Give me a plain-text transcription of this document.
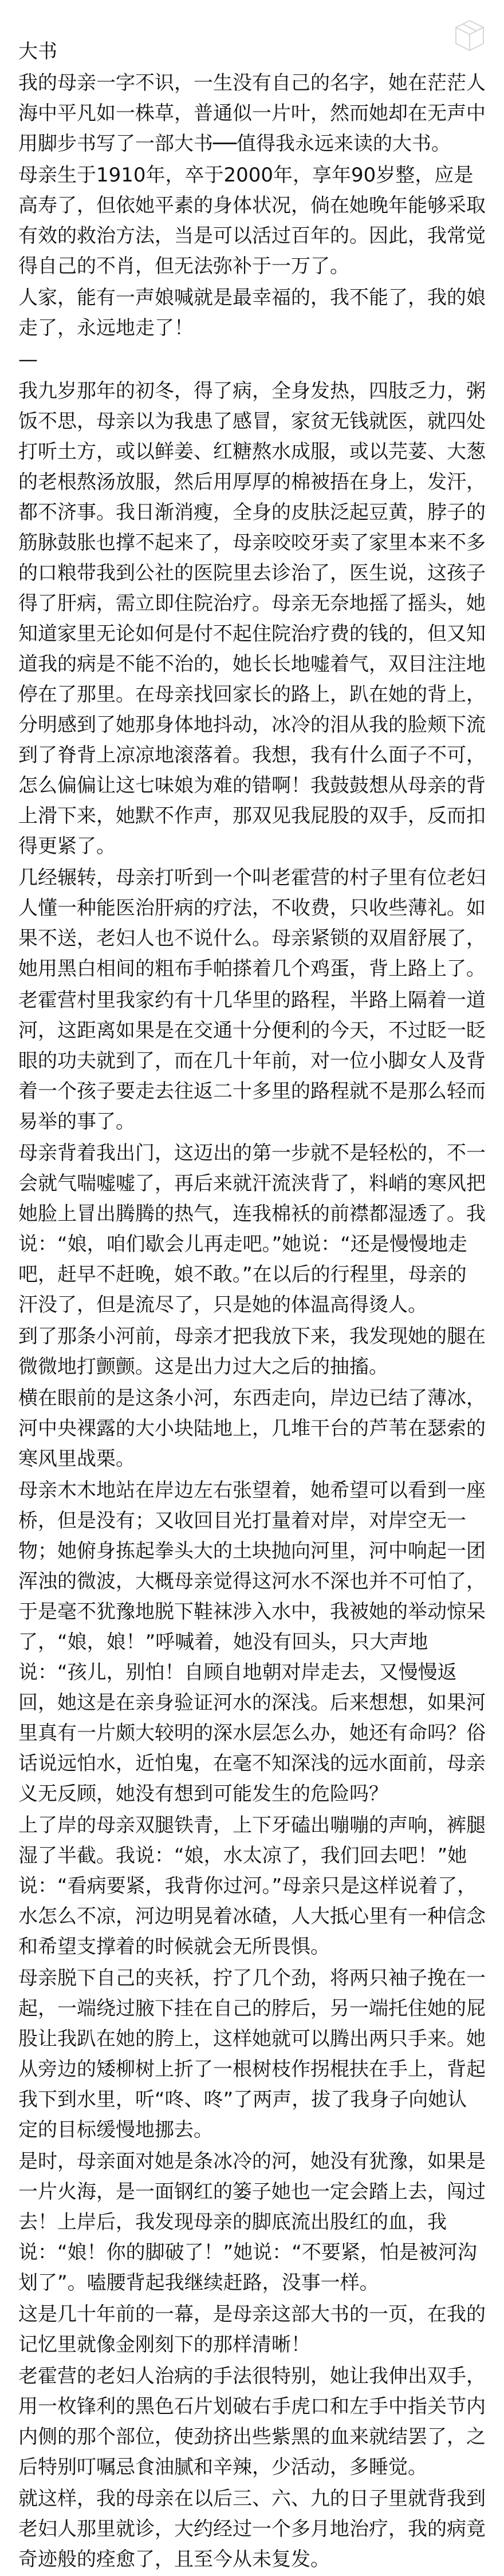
大书

我的母亲一字不识，一生没有自己的名字，她在茫茫人海中平凡如一株草，普通似一片叶，然而她却在无声中用脚步书写了一部大书──值得我永远来读的大书。

母亲生于1910年，卒于2000年，享年90岁整，应是高寿了，但依她平素的身体状况，倘在她晚年能够采取有效的救治方法，当是可以活过百年的。因此，我常觉得自己的不肖，但无法弥补于一万了。

人家，能有一声娘喊就是最幸福的，我不能了，我的娘走了，永远地走了！

—

我九岁那年的初冬，得了病，全身发热，四肢乏力，粥饭不思，母亲以为我患了感冒，家贫无钱就医，就四处打听土方，或以鲜姜、红糖熬水成服，或以芫荽、大葱的老根熬汤放服，然后用厚厚的棉被捂在身上，发汗，都不济事。我日渐消瘦，全身的皮肤泛起豆黄，脖子的筋脉鼓胀也撑不起来了，母亲咬咬牙卖了家里本来不多的口粮带我到公社的医院里去诊治了，医生说，这孩子得了肝病，需立即住院治疗。母亲无奈地摇了摇头，她知道家里无论如何是付不起住院治疗费的钱的，但又知道我的病是不能不治的，她长长地嘘着气，双目注注地停在了那里。在母亲找回家长的路上，趴在她的背上，分明感到了她那身体地抖动，冰冷的泪从我的脸颊下流到了脊背上凉凉地滚落着。我想，我有什么面子不可，怎么偏偏让这七味娘为难的错啊！我鼓鼓想从母亲的背上滑下来，她默不作声，那双见我屁股的双手，反而扣得更紧了。

几经辗转，母亲打听到一个叫老霍营的村子里有位老妇人懂一种能医治肝病的疗法，不收费，只收些薄礼。如果不送，老妇人也不说什么。母亲紧锁的双眉舒展了，她用黑白相间的粗布手帕搽着几个鸡蛋，背上路上了。

老霍营村里我家约有十几华里的路程，半路上隔着一道河，这距离如果是在交通十分便利的今天，不过眨一眨眼的功夫就到了，而在几十年前，对一位小脚女人及背着一个孩子要走去往返二十多里的路程就不是那么轻而易举的事了。

母亲背着我出门，这迈出的第一步就不是轻松的，不一会就气喘嘘嘘了，再后来就汗流浃背了，料峭的寒风把她脸上冒出腾腾的热气，连我棉袄的前襟都湿透了。我说：“娘，咱们歇会儿再走吧。”她说：“还是慢慢地走吧，赶早不赶晚，娘不敢。”在以后的行程里，母亲的汗没了，但是流尽了，只是她的体温高得烫人。

到了那条小河前，母亲才把我放下来，我发现她的腿在微微地打颤颤。这是出力过大之后的抽搐。

横在眼前的是这条小河，东西走向，岸边已结了薄冰，河中央裸露的大小块陆地上，几堆干台的芦苇在瑟索的寒风里战栗。

母亲木木地站在岸边左右张望着，她希望可以看到一座桥，但是没有；又收回目光打量着对岸，对岸空无一物；她俯身拣起拳头大的土块抛向河里，河中响起一团浑浊的微波，大概母亲觉得这河水不深也并不可怕了，于是毫不犹豫地脱下鞋袜涉入水中，我被她的举动惊呆了，“娘，娘！”呼喊着，她没有回头，只大声地说：“孩儿，别怕！自顾自地朝对岸走去，又慢慢返回，她这是在亲身验证河水的深浅。后来想想，如果河里真有一片颇大较明的深水层怎么办，她还有命吗？俗话说远怕水，近怕鬼，在毫不知深浅的远水面前，母亲义无反顾，她没有想到可能发生的危险吗？

上了岸的母亲双腿铁青，上下牙磕出嘣嘣的声响，裤腿湿了半截。我说：“娘，水太凉了，我们回去吧！”她说：“看病要紧，我背你过河。”母亲只是这样说着了，水怎么不凉，河边明晃着冰碴，人大抵心里有一种信念和希望支撑着的时候就会无所畏惧。

母亲脱下自己的夹袄，拧了几个劲，将两只袖子挽在一起，一端绕过腋下挂在自己的脖后，另一端托住她的屁股让我趴在她的胯上，这样她就可以腾出两只手来。她从旁边的矮柳树上折了一根树枝作拐棍扶在手上，背起我下到水里，听“咚、咚”了两声，拔了我身子向她认定的目标缓慢地挪去。

是时，母亲面对她是条冰冷的河，她没有犹豫，如果是一片火海，是一面钢红的篓子她也一定会踏上去，闯过去！上岸后，我发现母亲的脚底流出股红的血，我说：“娘！你的脚破了！”她说：“不要紧，怕是被河沟划了”。嗑腰背起我继续赶路，没事一样。

这是几十年前的一幕，是母亲这部大书的一页，在我的记忆里就像金刚刻下的那样清晰！

老霍营的老妇人治病的手法很特别，她让我伸出双手，用一枚锋利的黑色石片划破右手虎口和左手中指关节内内侧的那个部位，使劲挤出些紫黑的血来就结罢了，之后特别叮嘱忌食油腻和辛辣，少活动，多睡觉。

就这样，我的母亲在以后三、六、九的日子里就背我到老妇人那里就诊，大约经过一个多月地治疗，我的病竟奇迹般的痊愈了，且至今从未复发。
